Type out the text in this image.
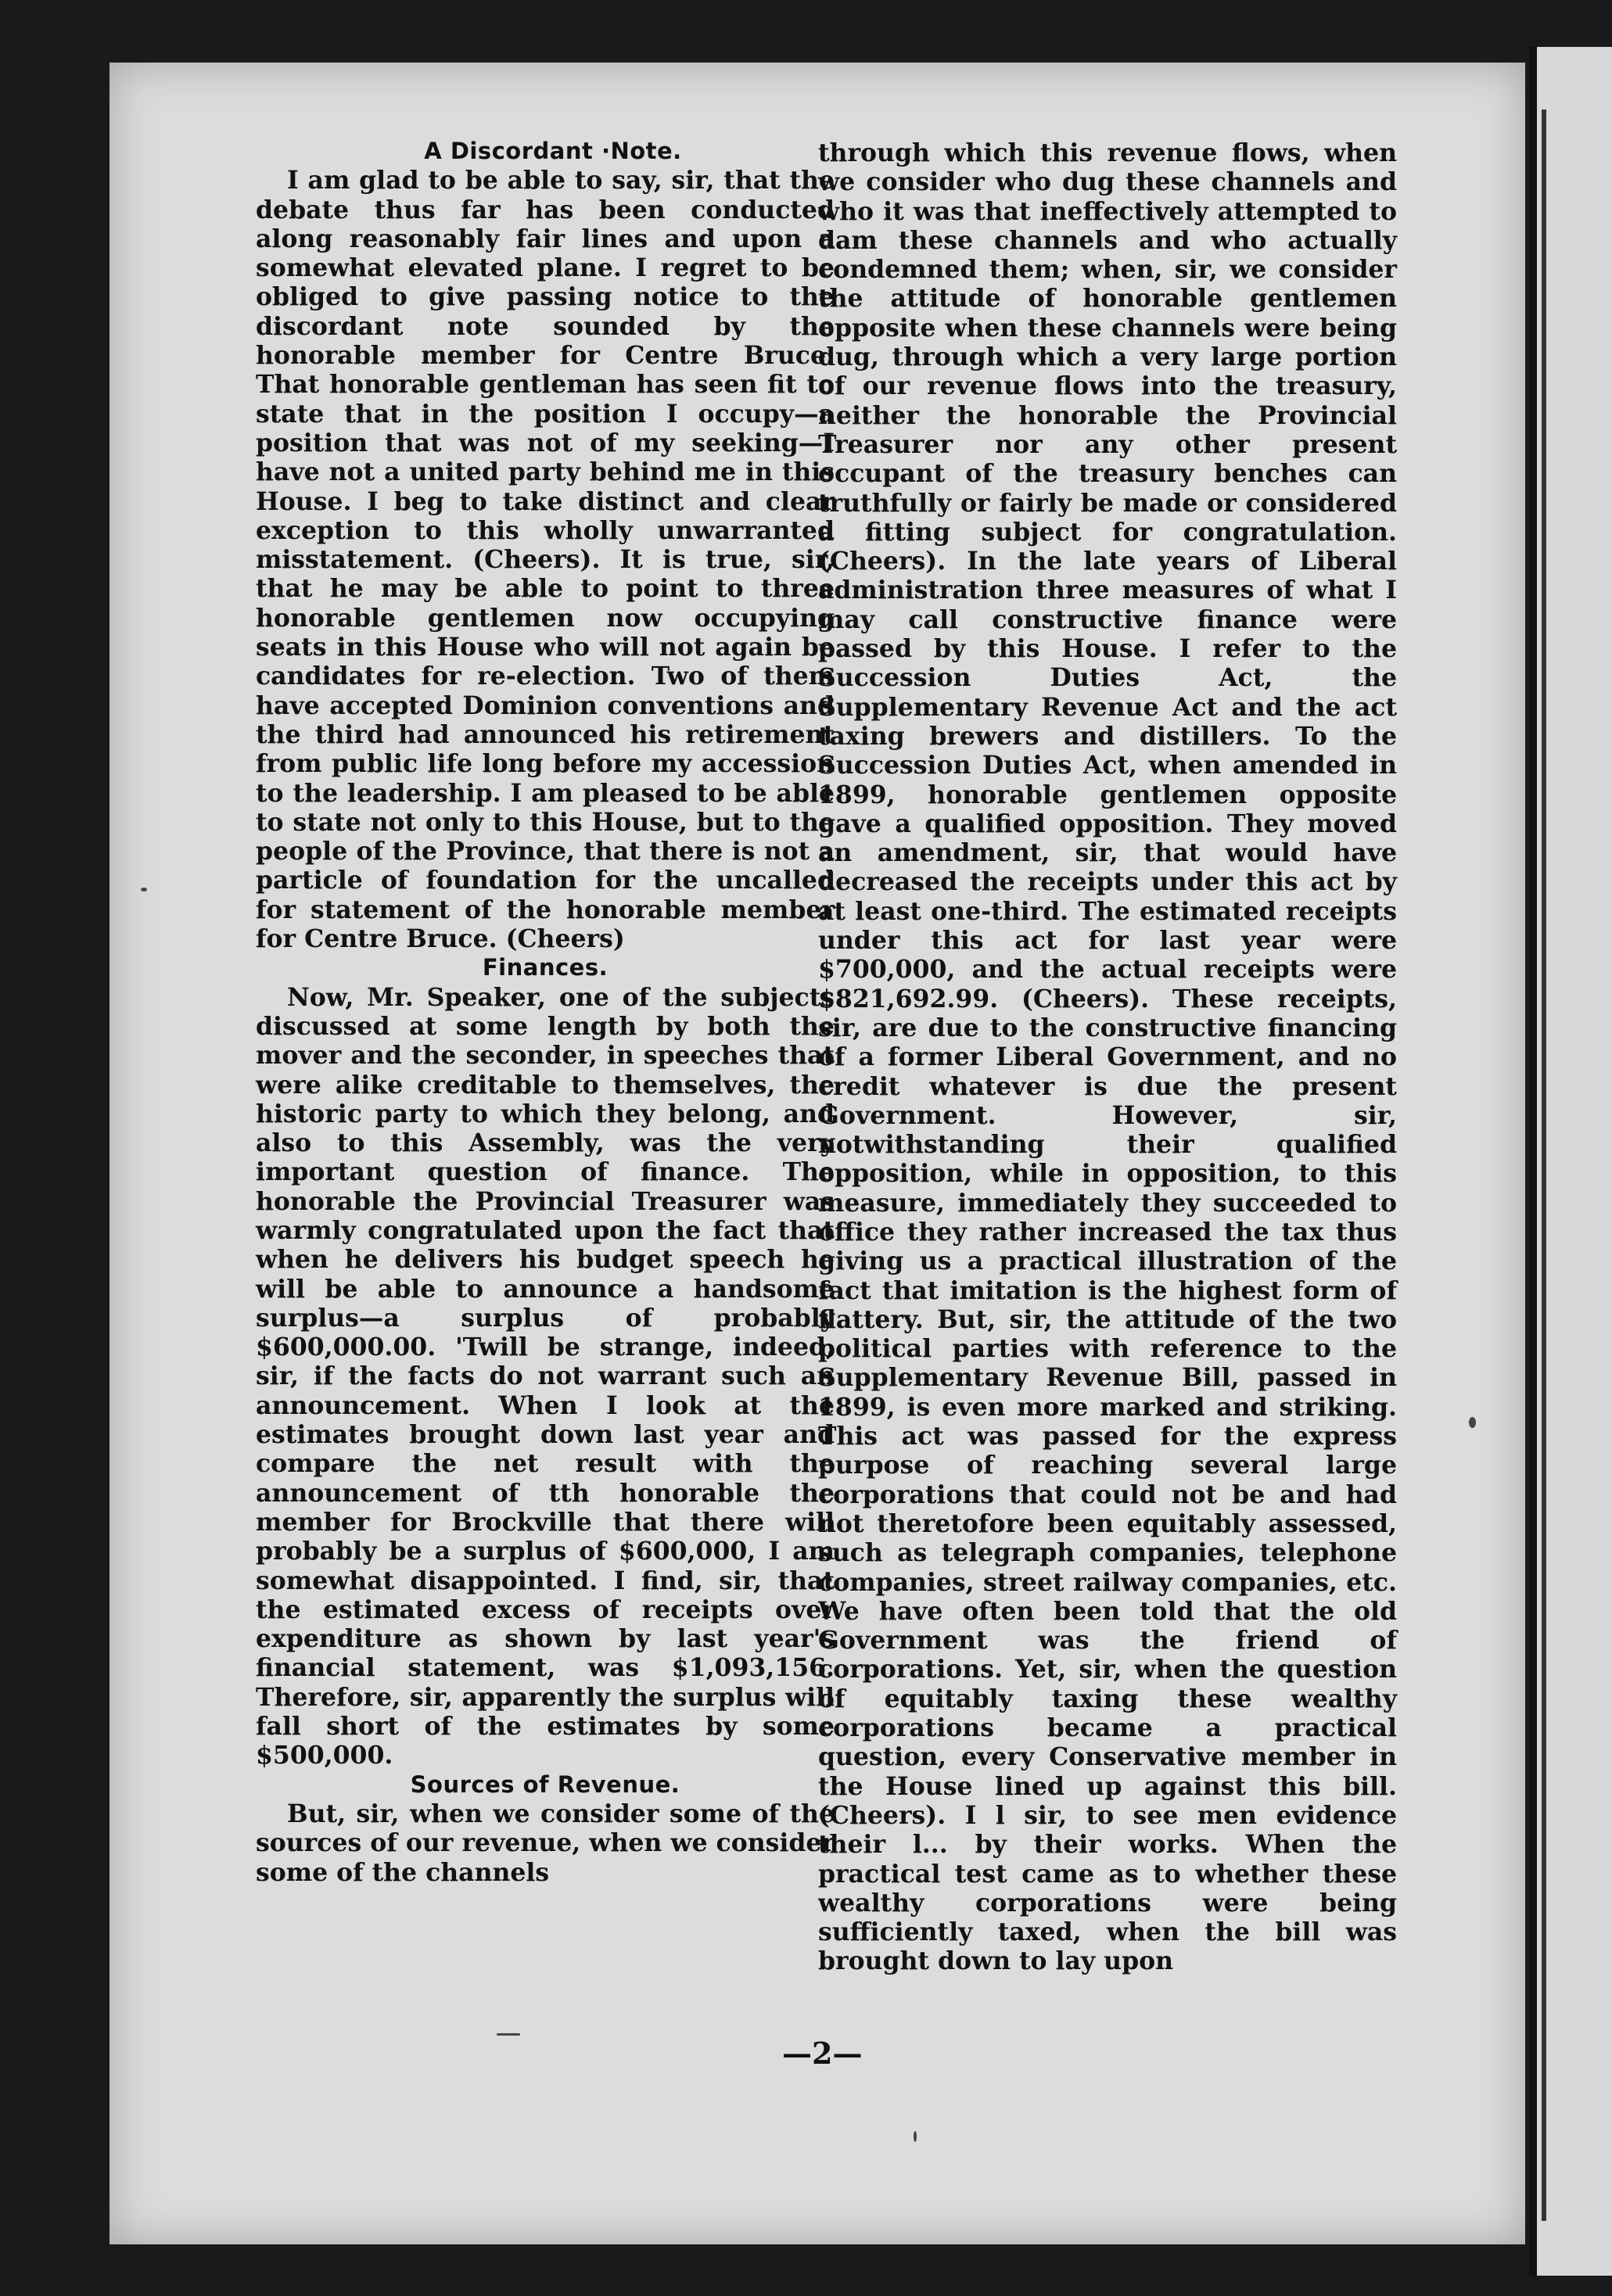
A Discordant ·Note.

I am glad to be able to say, sir, that the debate thus far has been conducted along reasonably fair lines and upon a somewhat elevated plane. I regret to be obliged to give passing notice to the discordant note sounded by the honorable member for Centre Bruce. That honorable gentleman has seen fit to state that in the position I occupy—a position that was not of my seeking—I have not a united party behind me in this House. I beg to take distinct and clear exception to this wholly unwarranted misstatement. (Cheers). It is true, sir, that he may be able to point to three honorable gentlemen now occupying seats in this House who will not again be candidates for re-election. Two of them have accepted Dominion conventions and the third had announced his retirement from public life long before my accession to the leadership. I am pleased to be able to state not only to this House, but to the people of the Province, that there is not a particle of foundation for the uncalled for statement of the honorable member for Centre Bruce. (Cheers)

Finances.

Now, Mr. Speaker, one of the subjects discussed at some length by both the mover and the seconder, in speeches that were alike creditable to themselves, the historic party to which they belong, and also to this Assembly, was the very important question of finance. The honorable the Provincial Treasurer was warmly congratulated upon the fact that when he delivers his budget speech he will be able to announce a handsome surplus—a surplus of probably $600,000.00. 'Twill be strange, indeed, sir, if the facts do not warrant such an announcement. When I look at the estimates brought down last year and compare the net result with the announcement of tth honorable the member for Brockville that there will probably be a surplus of $600,000, I am somewhat disappointed. I find, sir, that the estimated excess of receipts over expenditure as shown by last year's financial statement, was $1,093,156. Therefore, sir, apparently the surplus will fall short of the estimates by some $500,000.

Sources of Revenue.

But, sir, when we consider some of the sources of our revenue, when we consider some of the channels

through which this revenue flows, when we consider who dug these channels and who it was that ineffectively attempted to dam these channels and who actually condemned them; when, sir, we consider the attitude of honorable gentlemen opposite when these channels were being dug, through which a very large portion of our revenue flows into the treasury, neither the honorable the Provincial Treasurer nor any other present occupant of the treasury benches can truthfully or fairly be made or considered a fitting subject for congratulation. (Cheers). In the late years of Liberal administration three measures of what I may call constructive finance were passed by this House. I refer to the Succession Duties Act, the Supplementary Revenue Act and the act taxing brewers and distillers. To the Succession Duties Act, when amended in 1899, honorable gentlemen opposite gave a qualified opposition. They moved an amendment, sir, that would have decreased the receipts under this act by at least one-third. The estimated receipts under this act for last year were $700,000, and the actual receipts were $821,692.99. (Cheers). These receipts, sir, are due to the constructive financing of a former Liberal Government, and no credit whatever is due the present Government. However, sir, notwithstanding their qualified opposition, while in opposition, to this measure, immediately they succeeded to office they rather increased the tax thus giving us a practical illustration of the fact that imitation is the highest form of flattery. But, sir, the attitude of the two political parties with reference to the Supplementary Revenue Bill, passed in 1899, is even more marked and striking. This act was passed for the express purpose of reaching several large corporations that could not be and had not theretofore been equitably assessed, such as telegraph companies, telephone companies, street railway companies, etc. We have often been told that the old Government was the friend of corporations. Yet, sir, when the question of equitably taxing these wealthy corporations became a practical question, every Conservative member in the House lined up against this bill. (Cheers). I l sir, to see men evidence their l... by their works. When the practical test came as to whether these wealthy corporations were being sufficiently taxed, when the bill was brought down to lay upon

—2—
